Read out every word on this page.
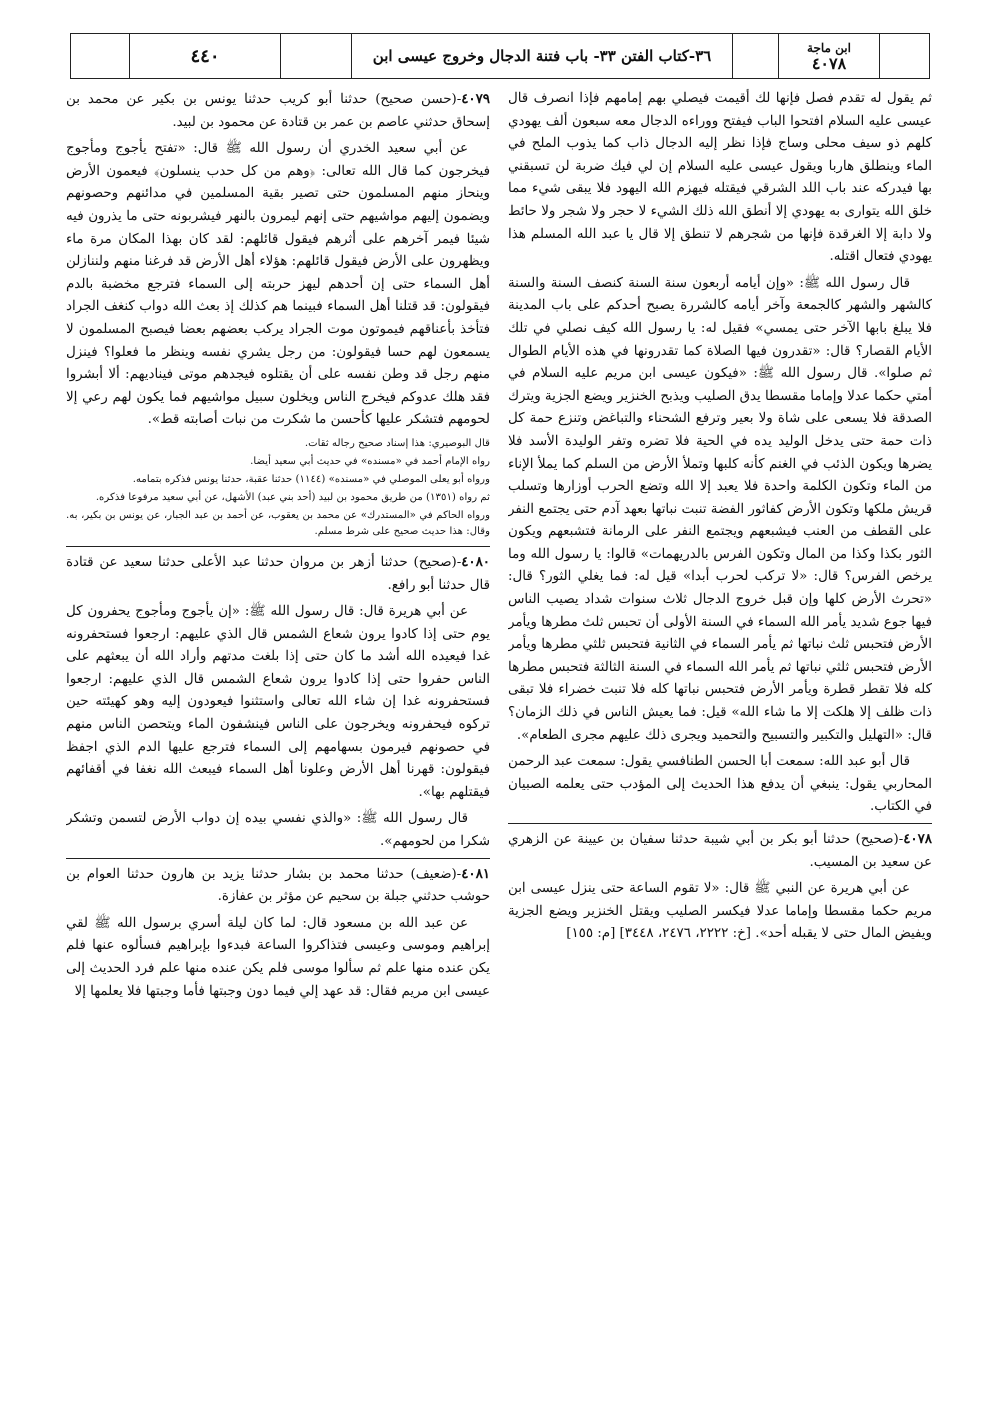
٤٤٠	٣٦-كتاب الفتن ٣٣- باب فتنة الدجال وخروج عيسى ابن	ابن ماجة
٤٠٧٨

٤٠٧٩-(حسن صحيح) حدثنا أبو كريب حدثنا يونس بن بكير عن محمد بن إسحاق حدثني عاصم بن عمر بن قتادة عن محمود بن لبيد.

عن أبي سعيد الخدري أن رسول الله ﷺ قال: «تفتح يأجوج ومأجوج فيخرجون كما قال الله تعالى: ﴿وهم من كل حدب ينسلون﴾ فيعمون الأرض وينحاز منهم المسلمون حتى تصير بقية المسلمين في مدائنهم وحصونهم ويضمون إليهم مواشيهم حتى إنهم ليمرون بالنهر فيشربونه حتى ما يذرون فيه شيئا فيمر آخرهم على أثرهم فيقول قائلهم: لقد كان بهذا المكان مرة ماء ويظهرون على الأرض فيقول قائلهم: هؤلاء أهل الأرض قد فرغنا منهم ولننازلن أهل السماء حتى إن أحدهم ليهز حربته إلى السماء فترجع مخضبة بالدم فيقولون: قد قتلنا أهل السماء فبينما هم كذلك إذ بعث الله دواب كنغف الجراد فتأخذ بأعناقهم فيموتون موت الجراد يركب بعضهم بعضا فيصبح المسلمون لا يسمعون لهم حسا فيقولون: من رجل يشري نفسه وينظر ما فعلوا؟ فينزل منهم رجل قد وطن نفسه على أن يقتلوه فيجدهم موتى فيناديهم: ألا أبشروا فقد هلك عدوكم فيخرج الناس ويخلون سبيل مواشيهم فما يكون لهم رعي إلا لحومهم فتشكر عليها كأحسن ما شكرت من نبات أصابته قط».

قال البوصيري: هذا إسناد صحيح رجاله ثقات.
رواه الإمام أحمد في «مسنده» في حديث أبي سعيد أيضا.
ورواه أبو يعلى الموصلي في «مسنده» (١١٤٤) حدثنا عقبة، حدثنا يونس فذكره بتمامه.
ثم رواه (١٣٥١) من طريق محمود بن لبيد (أحد بني عبد) الأشهل، عن أبي سعيد مرفوعا فذكره.
ورواه الحاكم في «المستدرك» عن محمد بن يعقوب، عن أحمد بن عبد الجبار، عن يونس بن بكير، به. وقال: هذا حديث صحيح على شرط مسلم.

٤٠٨٠-(صحيح) حدثنا أزهر بن مروان حدثنا عبد الأعلى حدثنا سعيد عن قتادة قال حدثنا أبو رافع.

عن أبي هريرة قال: قال رسول الله ﷺ: «إن يأجوج ومأجوج يحفرون كل يوم حتى إذا كادوا يرون شعاع الشمس قال الذي عليهم: ارجعوا فستحفرونه غدا فيعيده الله أشد ما كان حتى إذا بلغت مدتهم وأراد الله أن يبعثهم على الناس حفروا حتى إذا كادوا يرون شعاع الشمس قال الذي عليهم: ارجعوا فستحفرونه غدا إن شاء الله تعالى واستثنوا فيعودون إليه وهو كهيئته حين تركوه فيحفرونه ويخرجون على الناس فينشفون الماء ويتحصن الناس منهم في حصونهم فيرمون بسهامهم إلى السماء فترجع عليها الدم الذي اجفظ فيقولون: قهرنا أهل الأرض وعلونا أهل السماء فيبعث الله نغفا في أقفائهم فيقتلهم بها».

قال رسول الله ﷺ: «والذي نفسي بيده إن دواب الأرض لتسمن وتشكر شكرا من لحومهم».

٤٠٨١-(ضعيف) حدثنا محمد بن بشار حدثنا يزيد بن هارون حدثنا العوام بن حوشب حدثني جبلة بن سحيم عن مؤثر بن عفازة.

عن عبد الله بن مسعود قال: لما كان ليلة أسري برسول الله ﷺ لقي إبراهيم وموسى وعيسى فتذاكروا الساعة فبدءوا بإبراهيم فسألوه عنها فلم يكن عنده منها علم ثم سألوا موسى فلم يكن عنده منها علم فرد الحديث إلى عيسى ابن مريم فقال: قد عهد إلي فيما دون وجبتها فأما وجبتها فلا يعلمها إلا

ثم يقول له تقدم فصل فإنها لك أقيمت فيصلي بهم إمامهم فإذا انصرف قال عيسى عليه السلام افتحوا الباب فيفتح ووراءه الدجال معه سبعون ألف يهودي كلهم ذو سيف محلى وساج فإذا نظر إليه الدجال ذاب كما يذوب الملح في الماء وينطلق هاربا ويقول عيسى عليه السلام إن لي فيك ضربة لن تسبقني بها فيدركه عند باب اللد الشرقي فيقتله فيهزم الله اليهود فلا يبقى شيء مما خلق الله يتوارى به يهودي إلا أنطق الله ذلك الشيء لا حجر ولا شجر ولا حائط ولا دابة إلا الغرقدة فإنها من شجرهم لا تنطق إلا قال يا عبد الله المسلم هذا يهودي فتعال اقتله.

قال رسول الله ﷺ: «وإن أيامه أربعون سنة السنة كنصف السنة والسنة كالشهر والشهر كالجمعة وآخر أيامه كالشررة يصبح أحدكم على باب المدينة فلا يبلغ بابها الآخر حتى يمسي» فقيل له: يا رسول الله كيف نصلي في تلك الأيام القصار؟ قال: «تقدرون فيها الصلاة كما تقدرونها في هذه الأيام الطوال ثم صلوا». قال رسول الله ﷺ: «فيكون عيسى ابن مريم عليه السلام في أمتي حكما عدلا وإماما مقسطا يدق الصليب ويذبح الخنزير ويضع الجزية ويترك الصدقة فلا يسعى على شاة ولا بعير وترفع الشحناء والتباغض وتنزع حمة كل ذات حمة حتى يدخل الوليد يده في الحية فلا تضره وتفر الوليدة الأسد فلا يضرها ويكون الذئب في الغنم كأنه كلبها وتملأ الأرض من السلم كما يملأ الإناء من الماء وتكون الكلمة واحدة فلا يعبد إلا الله وتضع الحرب أوزارها وتسلب قريش ملكها وتكون الأرض كفاثور الفضة تنبت نباتها بعهد آدم حتى يجتمع النفر على القطف من العنب فيشبعهم ويجتمع النفر على الرمانة فتشبعهم ويكون الثور بكذا وكذا من المال وتكون الفرس بالدريهمات» قالوا: يا رسول الله وما يرخص الفرس؟ قال: «لا تركب لحرب أبدا» قيل له: فما يغلي الثور؟ قال: «تحرث الأرض كلها وإن قبل خروج الدجال ثلاث سنوات شداد يصيب الناس فيها جوع شديد يأمر الله السماء في السنة الأولى أن تحبس ثلث مطرها ويأمر الأرض فتحبس ثلث نباتها ثم يأمر السماء في الثانية فتحبس ثلثي مطرها ويأمر الأرض فتحبس ثلثي نباتها ثم يأمر الله السماء في السنة الثالثة فتحبس مطرها كله فلا تقطر قطرة ويأمر الأرض فتحبس نباتها كله فلا تنبت خضراء فلا تبقى ذات ظلف إلا هلكت إلا ما شاء الله» قيل: فما يعيش الناس في ذلك الزمان؟ قال: «التهليل والتكبير والتسبيح والتحميد ويجرى ذلك عليهم مجرى الطعام».

قال أبو عبد الله: سمعت أبا الحسن الطنافسي يقول: سمعت عبد الرحمن المحاربي يقول: ينبغي أن يدفع هذا الحديث إلى المؤدب حتى يعلمه الصبيان في الكتاب.

٤٠٧٨-(صحيح) حدثنا أبو بكر بن أبي شيبة حدثنا سفيان بن عيينة عن الزهري عن سعيد بن المسيب.

عن أبي هريرة عن النبي ﷺ قال: «لا تقوم الساعة حتى ينزل عيسى ابن مريم حكما مقسطا وإماما عدلا فيكسر الصليب ويقتل الخنزير ويضع الجزية ويفيض المال حتى لا يقبله أحد». [خ: ٢٢٢٢، ٢٤٧٦، ٣٤٤٨] [م: ١٥٥]
